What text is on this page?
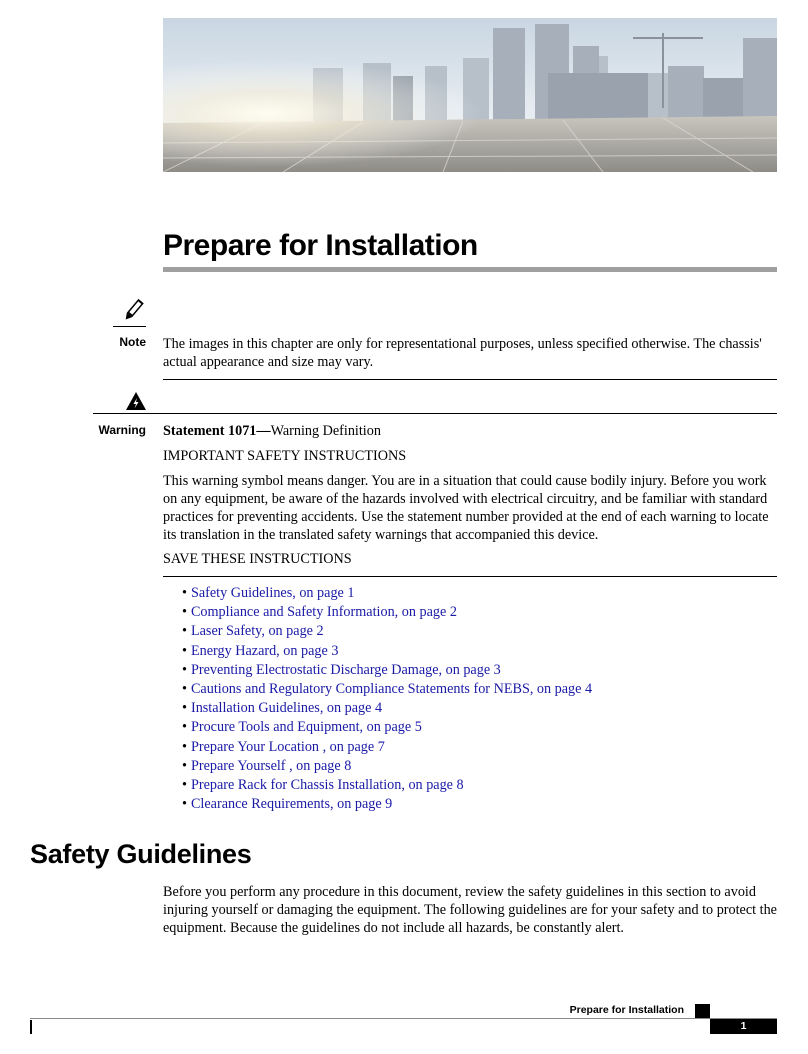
Prepare for Installation
Note The images in this chapter are only for representational purposes, unless specified otherwise. The chassis' actual appearance and size may vary.

Warning Statement 1071—Warning Definition

IMPORTANT SAFETY INSTRUCTIONS

This warning symbol means danger. You are in a situation that could cause bodily injury. Before you work on any equipment, be aware of the hazards involved with electrical circuitry, and be familiar with standard practices for preventing accidents. Use the statement number provided at the end of each warning to locate its translation in the translated safety warnings that accompanied this device.

SAVE THESE INSTRUCTIONS

• Safety Guidelines, on page 1
• Compliance and Safety Information, on page 2
• Laser Safety, on page 2
• Energy Hazard, on page 3
• Preventing Electrostatic Discharge Damage, on page 3
• Cautions and Regulatory Compliance Statements for NEBS, on page 4
• Installation Guidelines, on page 4
• Procure Tools and Equipment, on page 5
• Prepare Your Location , on page 7
• Prepare Yourself , on page 8
• Prepare Rack for Chassis Installation, on page 8
• Clearance Requirements, on page 9
Safety Guidelines

Before you perform any procedure in this document, review the safety guidelines in this section to avoid injuring yourself or damaging the equipment. The following guidelines are for your safety and to protect the equipment. Because the guidelines do not include all hazards, be constantly alert.

Prepare for Installation
1
